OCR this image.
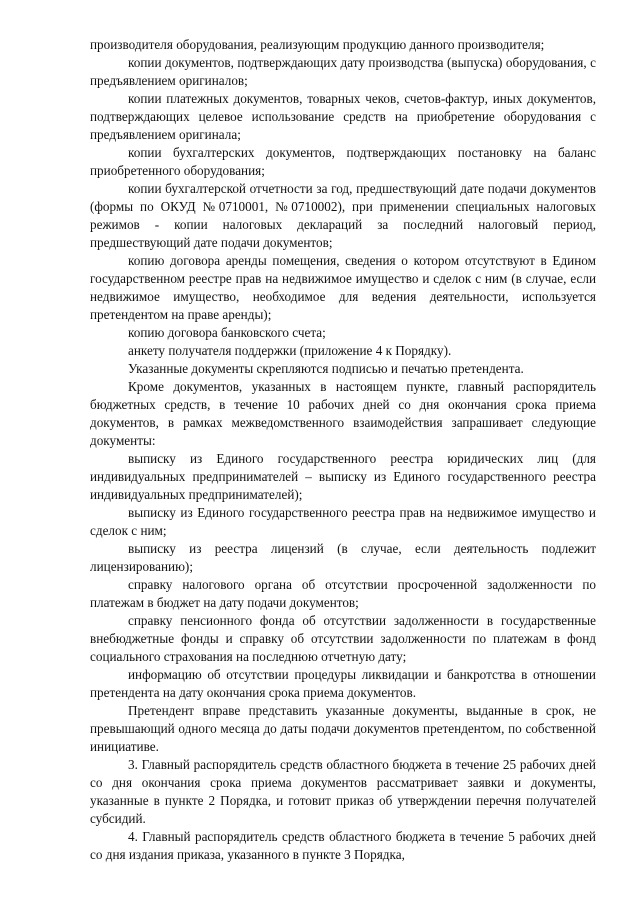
производителя оборудования, реализующим продукцию данного производителя;

копии документов, подтверждающих дату производства (выпуска) оборудования, с предъявлением оригиналов;

копии платежных документов, товарных чеков, счетов-фактур, иных документов, подтверждающих целевое использование средств на приобретение оборудования с предъявлением оригинала;

копии бухгалтерских документов, подтверждающих постановку на баланс приобретенного оборудования;

копии бухгалтерской отчетности за год, предшествующий дате подачи документов (формы по ОКУД №0710001, №0710002), при применении специальных налоговых режимов - копии налоговых деклараций за последний налоговый период, предшествующий дате подачи документов;

копию договора аренды помещения, сведения о котором отсутствуют в Едином государственном реестре прав на недвижимое имущество и сделок с ним (в случае, если недвижимое имущество, необходимое для ведения деятельности, используется претендентом на праве аренды);

копию договора банковского счета;

анкету получателя поддержки (приложение 4 к Порядку).

Указанные документы скрепляются подписью и печатью претендента.

Кроме документов, указанных в настоящем пункте, главный распорядитель бюджетных средств, в течение 10 рабочих дней со дня окончания срока приема документов, в рамках межведомственного взаимодействия запрашивает следующие документы:

выписку из Единого государственного реестра юридических лиц (для индивидуальных предпринимателей – выписку из Единого государственного реестра индивидуальных предпринимателей);

выписку из Единого государственного реестра прав на недвижимое имущество и сделок с ним;

выписку из реестра лицензий (в случае, если деятельность подлежит лицензированию);

справку налогового органа об отсутствии просроченной задолженности по платежам в бюджет на дату подачи документов;

справку пенсионного фонда об отсутствии задолженности в государственные внебюджетные фонды и справку об отсутствии задолженности по платежам в фонд социального страхования на последнюю отчетную дату;

информацию об отсутствии процедуры ликвидации и банкротства в отношении претендента на дату окончания срока приема документов.

Претендент вправе представить указанные документы, выданные в срок, не превышающий одного месяца до даты подачи документов претендентом, по собственной инициативе.

3. Главный распорядитель средств областного бюджета в течение 25 рабочих дней со дня окончания срока приема документов рассматривает заявки и документы, указанные в пункте 2 Порядка, и готовит приказ об утверждении перечня получателей субсидий.

4. Главный распорядитель средств областного бюджета в течение 5 рабочих дней со дня издания приказа, указанного в пункте 3 Порядка,
